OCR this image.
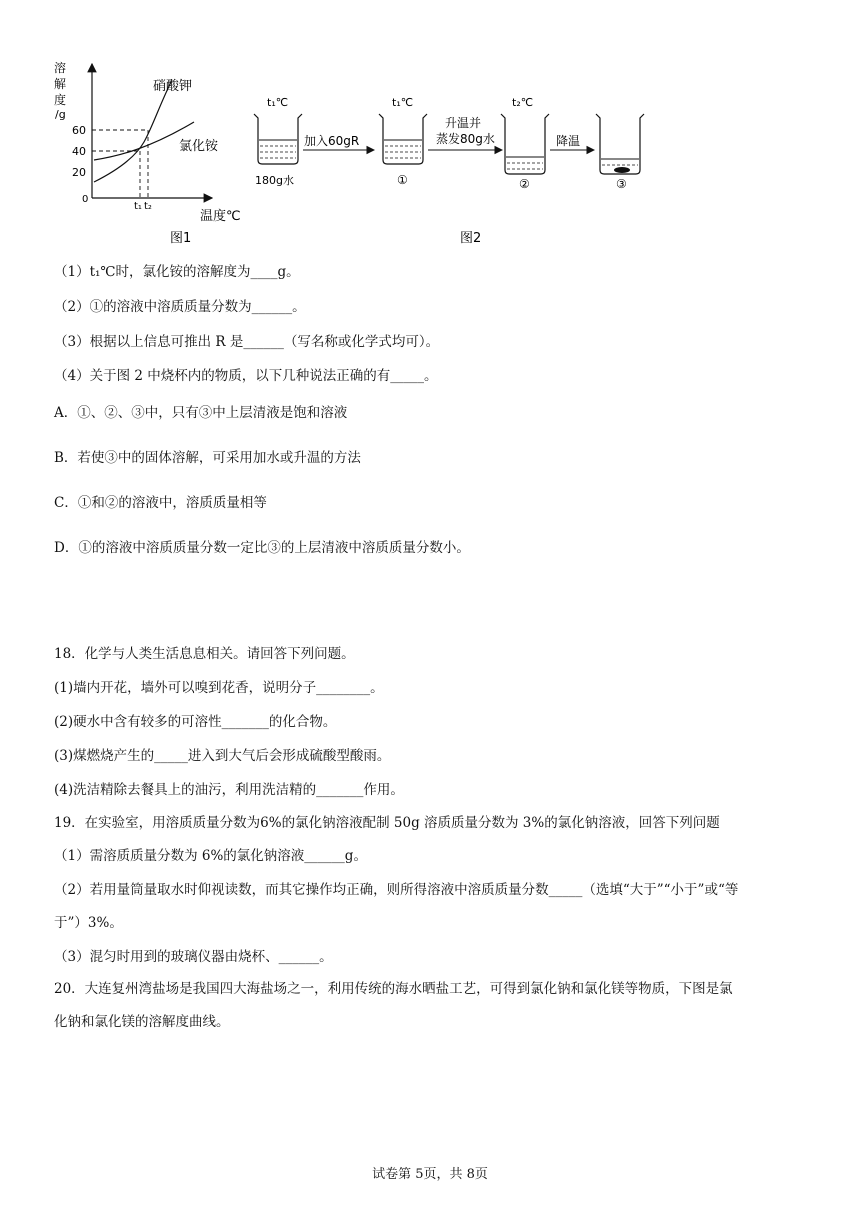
溶
解
度
/g
60
40
20
0
硝酸钾
氯化铵
t₁ t₂
温度℃
图1
t₁℃
180g水
加入60gR
t₁℃
①
升温并
蒸发80g水
t₂℃
②
降温
③
图2
（1）t₁℃时，氯化铵的溶解度为____g。
（2）①的溶液中溶质质量分数为______。
（3）根据以上信息可推出 R 是______（写名称或化学式均可）。
（4）关于图 2 中烧杯内的物质，以下几种说法正确的有_____。
A．①、②、③中，只有③中上层清液是饱和溶液
B．若使③中的固体溶解，可采用加水或升温的方法
C．①和②的溶液中，溶质质量相等
D．①的溶液中溶质质量分数一定比③的上层清液中溶质质量分数小。
18．化学与人类生活息息相关。请回答下列问题。
(1)墙内开花，墙外可以嗅到花香，说明分子________。
(2)硬水中含有较多的可溶性_______的化合物。
(3)煤燃烧产生的_____进入到大气后会形成硫酸型酸雨。
(4)洗洁精除去餐具上的油污，利用洗洁精的_______作用。
19．在实验室，用溶质质量分数为6%的氯化钠溶液配制 50g 溶质质量分数为 3%的氯化钠溶液，回答下列问题
（1）需溶质质量分数为 6%的氯化钠溶液______g。
（2）若用量筒量取水时仰视读数，而其它操作均正确，则所得溶液中溶质质量分数_____（选填“大于”“小于”或“等
于”）3%。
（3）混匀时用到的玻璃仪器由烧杯、______。
20．大连复州湾盐场是我国四大海盐场之一，利用传统的海水晒盐工艺，可得到氯化钠和氯化镁等物质，下图是氯
化钠和氯化镁的溶解度曲线。
试卷第 5页，共 8页
